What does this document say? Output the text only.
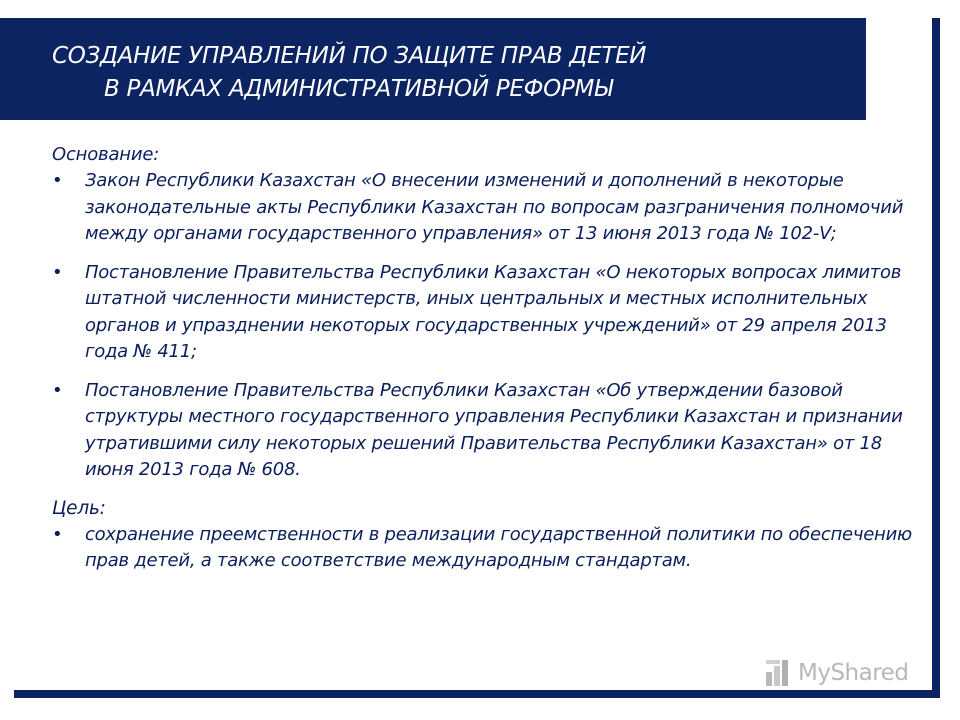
СОЗДАНИЕ УПРАВЛЕНИЙ ПО ЗАЩИТЕ ПРАВ ДЕТЕЙ
В РАМКАХ АДМИНИСТРАТИВНОЙ РЕФОРМЫ

Основание:

• Закон Республики Казахстан «О внесении изменений и дополнений в некоторые законодательные акты Республики Казахстан по вопросам разграничения полномочий между органами государственного управления» от 13 июня 2013 года № 102-V;
• Постановление Правительства Республики Казахстан «О некоторых вопросах лимитов штатной численности министерств, иных центральных и местных исполнительных органов и упразднении некоторых государственных учреждений» от 29 апреля 2013 года № 411;
• Постановление Правительства Республики Казахстан «Об утверждении базовой структуры местного государственного управления Республики Казахстан и признании утратившими силу некоторых решений Правительства Республики Казахстан» от 18 июня 2013 года № 608.

Цель:

• сохранение преемственности в реализации государственной политики по обеспечению прав детей, а также соответствие международным стандартам.
MyShared
